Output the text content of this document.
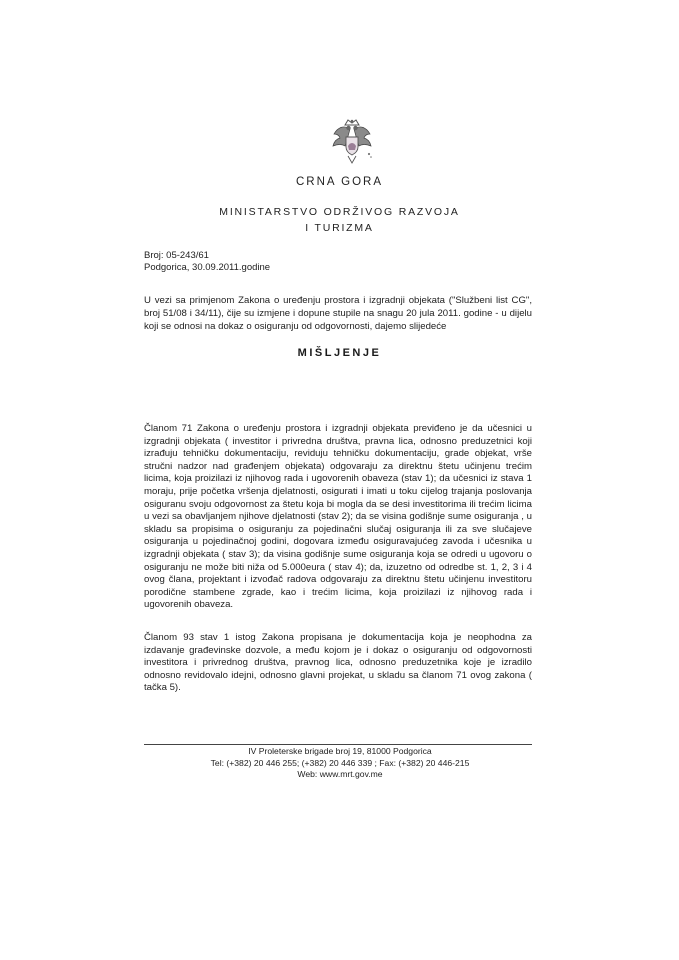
CRNA GORA
MINISTARSTVO ODRŽIVOG RAZVOJA
I TURIZMA
Broj: 05-243/61
Podgorica, 30.09.2011.godine
U vezi sa primjenom Zakona o uređenju prostora i izgradnji objekata ("Službeni list CG", broj 51/08 i 34/11), čije su izmjene i dopune stupile na snagu 20 jula 2011. godine - u dijelu koji se odnosi na dokaz o osiguranju od odgovornosti, dajemo slijedeće
MIŠLJENJE
Članom 71 Zakona o uređenju prostora i izgradnji objekata previđeno je da učesnici u izgradnji objekata ( investitor i privredna društva, pravna lica, odnosno preduzetnici koji izrađuju tehničku dokumentaciju, reviduju tehničku dokumentaciju, grade objekat, vrše stručni nadzor nad građenjem objekata) odgovaraju za direktnu štetu učinjenu trećim licima, koja proizilazi iz njihovog rada i ugovorenih obaveza (stav 1); da učesnici iz stava 1 moraju, prije početka vršenja djelatnosti, osigurati i imati u toku cijelog trajanja poslovanja osiguranu svoju odgovornost za štetu koja bi mogla da se desi investitorima ili trećim licima u vezi sa obavljanjem njihove djelatnosti (stav 2); da se visina godišnje sume osiguranja , u skladu sa propisima o osiguranju za pojedinačni slučaj osiguranja ili za sve slučajeve osiguranja u pojedinačnoj godini, dogovara između osiguravajućeg zavoda i učesnika u izgradnji objekata ( stav 3); da visina godišnje sume osiguranja koja se odredi u ugovoru o osiguranju ne može biti niža od 5.000eura ( stav 4); da, izuzetno od odredbe st. 1, 2, 3 i 4 ovog člana, projektant i izvođač radova odgovaraju za direktnu štetu učinjenu investitoru porodične stambene zgrade, kao i trećim licima, koja proizilazi iz njihovog rada i ugovorenih obaveza.
Članom 93 stav 1 istog Zakona propisana je dokumentacija koja je neophodna za izdavanje građevinske dozvole, a među kojom je i dokaz o osiguranju od odgovornosti investitora i privrednog društva, pravnog lica, odnosno preduzetnika koje je izradilo odnosno revidovalo idejni, odnosno glavni projekat, u skladu sa članom 71 ovog zakona ( tačka 5).
IV Proleterske brigade broj 19, 81000 Podgorica
Tel: (+382) 20 446 255; (+382) 20 446 339 ; Fax: (+382) 20 446-215
Web: www.mrt.gov.me
